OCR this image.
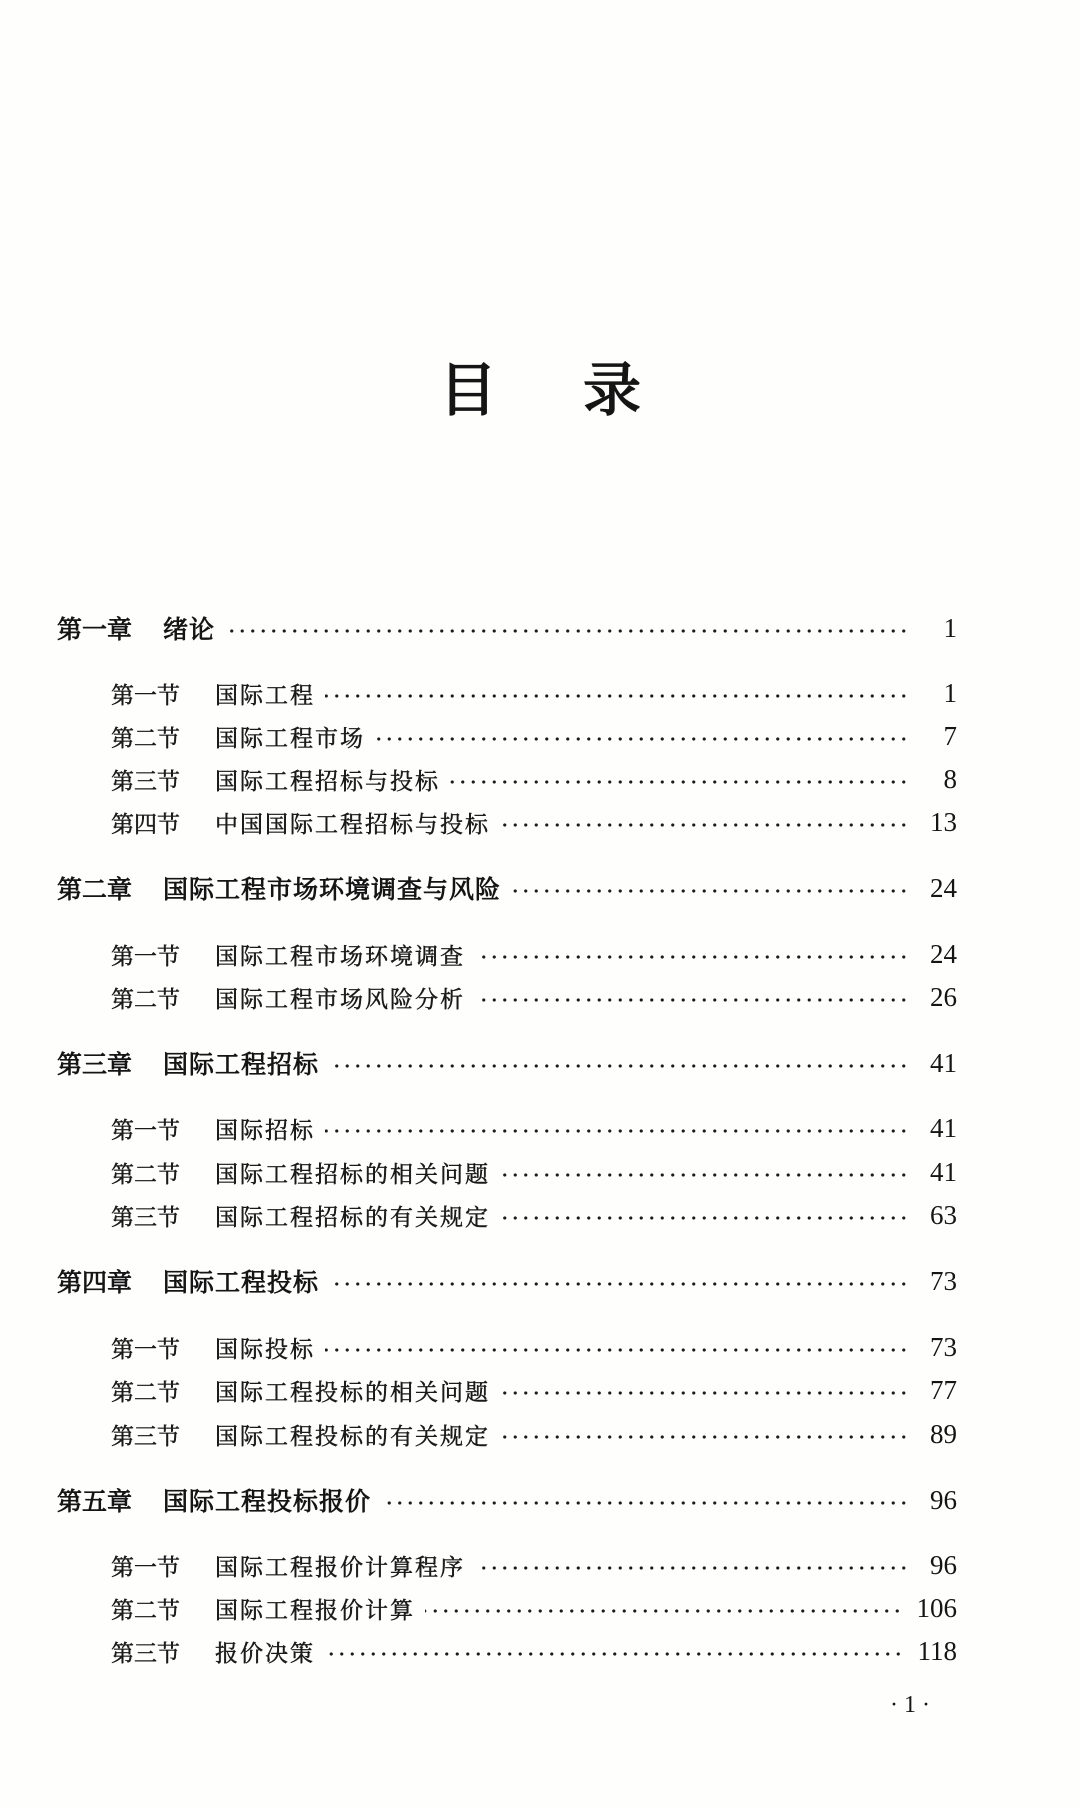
目 录
第一章	绪论	1
第一节	国际工程	1
第二节	国际工程市场	7
第三节	国际工程招标与投标	8
第四节	中国国际工程招标与投标	13
第二章	国际工程市场环境调查与风险	24
第一节	国际工程市场环境调查	24
第二节	国际工程市场风险分析	26
第三章	国际工程招标	41
第一节	国际招标	41
第二节	国际工程招标的相关问题	41
第三节	国际工程招标的有关规定	63
第四章	国际工程投标	73
第一节	国际投标	73
第二节	国际工程投标的相关问题	77
第三节	国际工程投标的有关规定	89
第五章	国际工程投标报价	96
第一节	国际工程报价计算程序	96
第二节	国际工程报价计算	106
第三节	报价决策	118
· 1 ·
